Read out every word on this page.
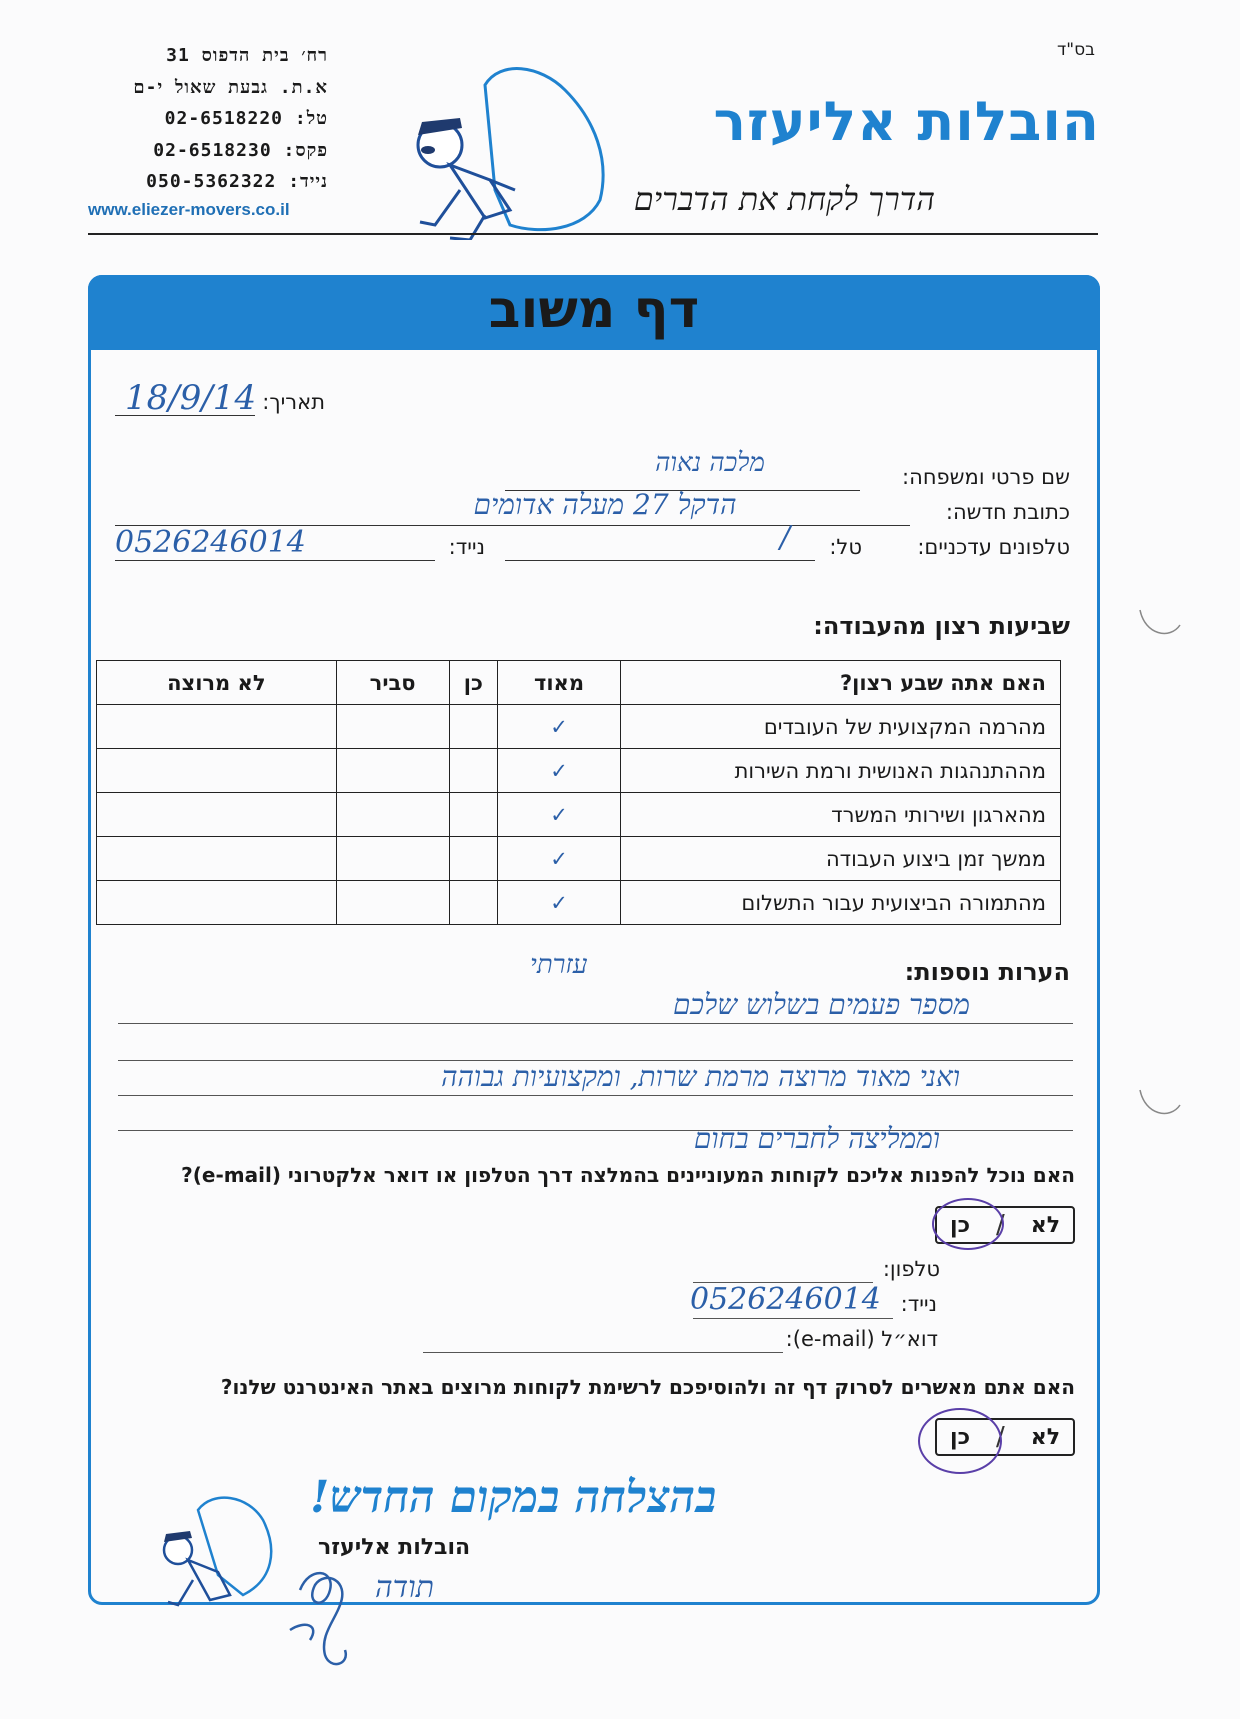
בס"ד
הובלות אליעזר
הדרך לקחת את הדברים
רח׳ בית הדפוס 31
א.ת. גבעת שאול י-ם
טל: 02-6518220
פקס: 02-6518230
נייד: 050-5362322
www.eliezer-movers.co.il
דף משוב
תאריך:
18/9/14
שם פרטי ומשפחה:
מלכה נאוה
כתובת חדשה:
הדקל 27 מעלה אדומים
טלפונים עדכניים:
טל:
/
נייד:
0526246014
שביעות רצון מהעבודה:
האם אתה שבע רצון?	מאוד	כן	סביר	לא מרוצה
מהרמה המקצועית של העובדים	✓			
מההתנהגות האנושית ורמת השירות	✓			
מהארגון ושירותי המשרד	✓			
ממשך זמן ביצוע העבודה	✓			
מהתמורה הביצועית עבור התשלום	✓			
הערות נוספות:
עזרתי
מספר פעמים בשלוש שלכם
ואני מאוד מרוצה מרמת שרות, ומקצועיות גבוהה
וממליצה לחברים בחום
האם נוכל להפנות אליכם לקוחות המעוניינים בהמלצה דרך הטלפון או דואר אלקטרוני (e-mail)?
לא
/
כן
טלפון:
נייד:
0526246014
דוא״ל (e-mail):
האם אתם מאשרים לסרוק דף זה ולהוסיפכם לרשימת לקוחות מרוצים באתר האינטרנט שלנו?
לא
/
כן
בהצלחה במקום החדש!
הובלות אליעזר
תודה
